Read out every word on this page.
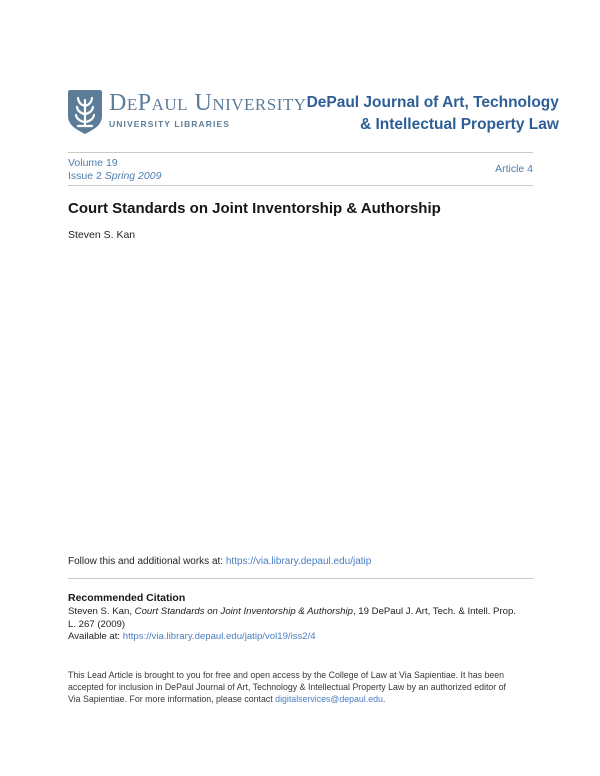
DePaul University
UNIVERSITY LIBRARIES
DePaul Journal of Art, Technology
& Intellectual Property Law
Volume 19
Issue 2 Spring 2009
Article 4
Court Standards on Joint Inventorship & Authorship
Steven S. Kan
Follow this and additional works at: https://via.library.depaul.edu/jatip
Recommended Citation
Steven S. Kan, Court Standards on Joint Inventorship & Authorship, 19 DePaul J. Art, Tech. & Intell. Prop.
L. 267 (2009)
Available at: https://via.library.depaul.edu/jatip/vol19/iss2/4
This Lead Article is brought to you for free and open access by the College of Law at Via Sapientiae. It has been
accepted for inclusion in DePaul Journal of Art, Technology & Intellectual Property Law by an authorized editor of
Via Sapientiae. For more information, please contact digitalservices@depaul.edu.
